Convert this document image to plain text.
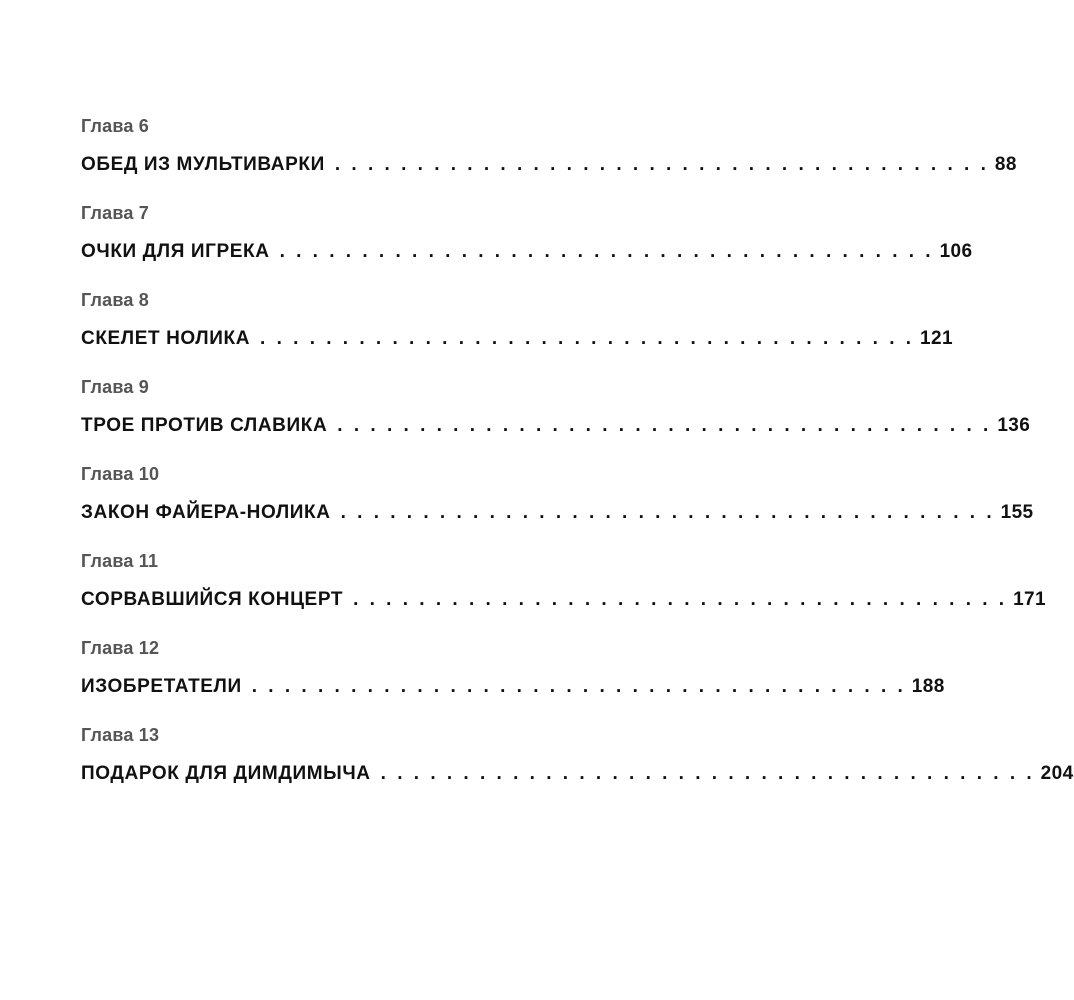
Глава 6
ОБЕД ИЗ МУЛЬТИВАРКИ . . . . . . . . . . . . . . . . . . . . . . . . . . . . . . . . . . . . . . . . 88
Глава 7
ОЧКИ ДЛЯ ИГРЕКА . . . . . . . . . . . . . . . . . . . . . . . . . . . . . . . . . . . . . . . . 106
Глава 8
СКЕЛЕТ НОЛИКА . . . . . . . . . . . . . . . . . . . . . . . . . . . . . . . . . . . . . . . . 121
Глава 9
ТРОЕ ПРОТИВ СЛАВИКА . . . . . . . . . . . . . . . . . . . . . . . . . . . . . . . . . . . . . . . . 136
Глава 10
ЗАКОН ФАЙЕРА-НОЛИКА . . . . . . . . . . . . . . . . . . . . . . . . . . . . . . . . . . . . . . . . 155
Глава 11
СОРВАВШИЙСЯ КОНЦЕРТ . . . . . . . . . . . . . . . . . . . . . . . . . . . . . . . . . . . . . . . . 171
Глава 12
ИЗОБРЕТАТЕЛИ . . . . . . . . . . . . . . . . . . . . . . . . . . . . . . . . . . . . . . . . 188
Глава 13
ПОДАРОК ДЛЯ ДИМДИМЫЧА . . . . . . . . . . . . . . . . . . . . . . . . . . . . . . . . . . . . . . . . 204
